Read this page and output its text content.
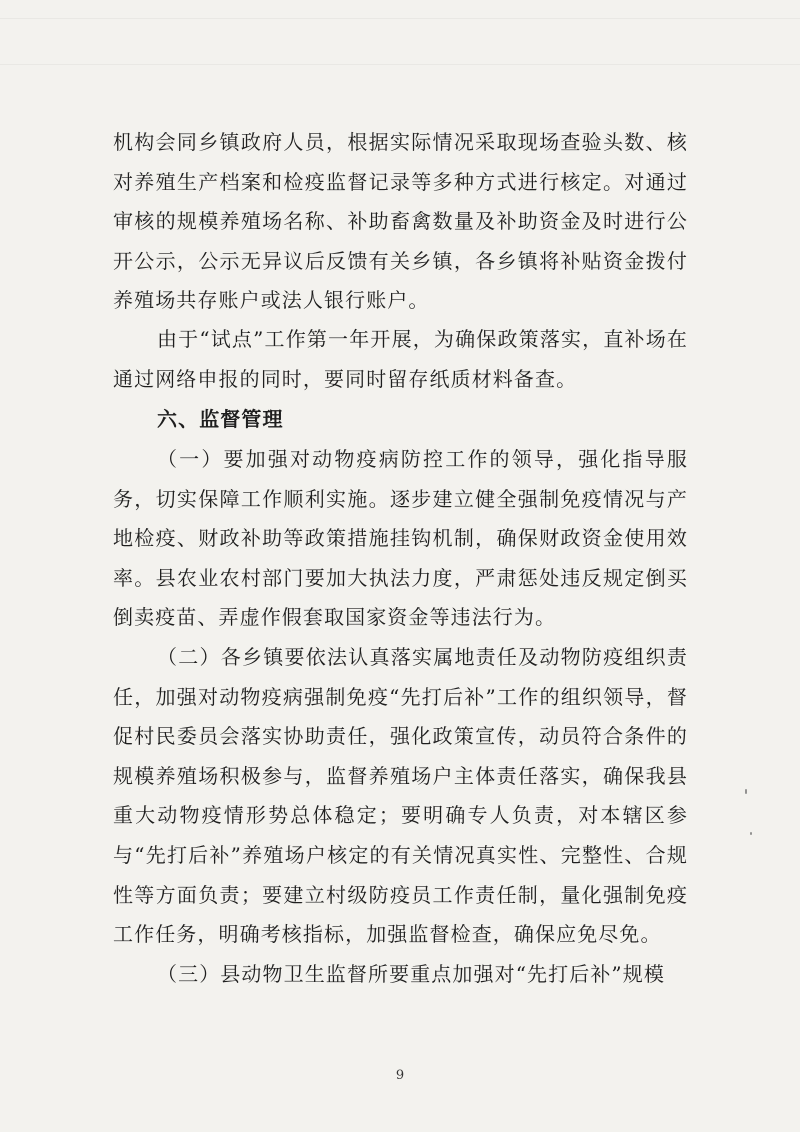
机构会同乡镇政府人员，根据实际情况采取现场查验头数、核对养殖生产档案和检疫监督记录等多种方式进行核定。对通过审核的规模养殖场名称、补助畜禽数量及补助资金及时进行公开公示，公示无异议后反馈有关乡镇，各乡镇将补贴资金拨付养殖场共存账户或法人银行账户。

由于“试点”工作第一年开展，为确保政策落实，直补场在通过网络申报的同时，要同时留存纸质材料备查。

六、监督管理

（一）要加强对动物疫病防控工作的领导，强化指导服务，切实保障工作顺利实施。逐步建立健全强制免疫情况与产地检疫、财政补助等政策措施挂钩机制，确保财政资金使用效率。县农业农村部门要加大执法力度，严肃惩处违反规定倒买倒卖疫苗、弄虚作假套取国家资金等违法行为。

（二）各乡镇要依法认真落实属地责任及动物防疫组织责任，加强对动物疫病强制免疫“先打后补”工作的组织领导，督促村民委员会落实协助责任，强化政策宣传，动员符合条件的规模养殖场积极参与，监督养殖场户主体责任落实，确保我县重大动物疫情形势总体稳定；要明确专人负责，对本辖区参与“先打后补”养殖场户核定的有关情况真实性、完整性、合规性等方面负责；要建立村级防疫员工作责任制，量化强制免疫工作任务，明确考核指标，加强监督检查，确保应免尽免。

（三）县动物卫生监督所要重点加强对“先打后补”规模

9
